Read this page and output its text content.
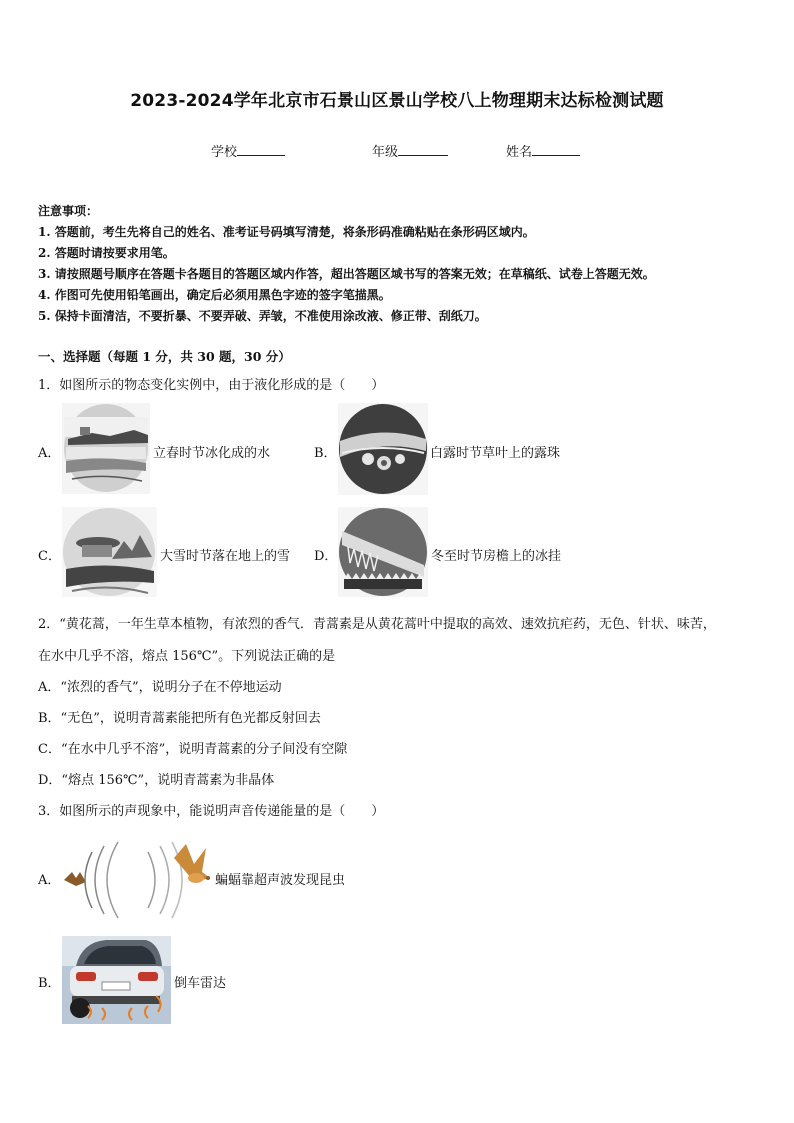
2023-2024学年北京市石景山区景山学校八上物理期末达标检测试题
学校	年级	姓名
注意事项：
1. 答题前，考生先将自己的姓名、准考证号码填写清楚，将条形码准确粘贴在条形码区域内。
2. 答题时请按要求用笔。
3. 请按照题号顺序在答题卡各题目的答题区域内作答，超出答题区域书写的答案无效；在草稿纸、试卷上答题无效。
4. 作图可先使用铅笔画出，确定后必须用黑色字迹的签字笔描黑。
5. 保持卡面清洁，不要折暴、不要弄破、弄皱，不准使用涂改液、修正带、刮纸刀。
一、选择题（每题 1 分，共 30 题，30 分）
1．如图所示的物态变化实例中，由于液化形成的是（　　）
A．	立春时节冰化成的水	B．	白露时节草叶上的露珠
C．	大雪时节落在地上的雪 D．	冬至时节房檐上的冰挂
2．“黄花蒿，一年生草本植物，有浓烈的香气．青蒿素是从黄花蒿叶中提取的高效、速效抗疟药，无色、针状、味苦，
在水中几乎不溶，熔点 156℃”。下列说法正确的是
A．“浓烈的香气”，说明分子在不停地运动
B．“无色”，说明青蒿素能把所有色光都反射回去
C．“在水中几乎不溶”，说明青蒿素的分子间没有空隙
D．“熔点 156℃”，说明青蒿素为非晶体
3．如图所示的声现象中，能说明声音传递能量的是（　　）
A．	蝙蝠靠超声波发现昆虫
B．	倒车雷达
